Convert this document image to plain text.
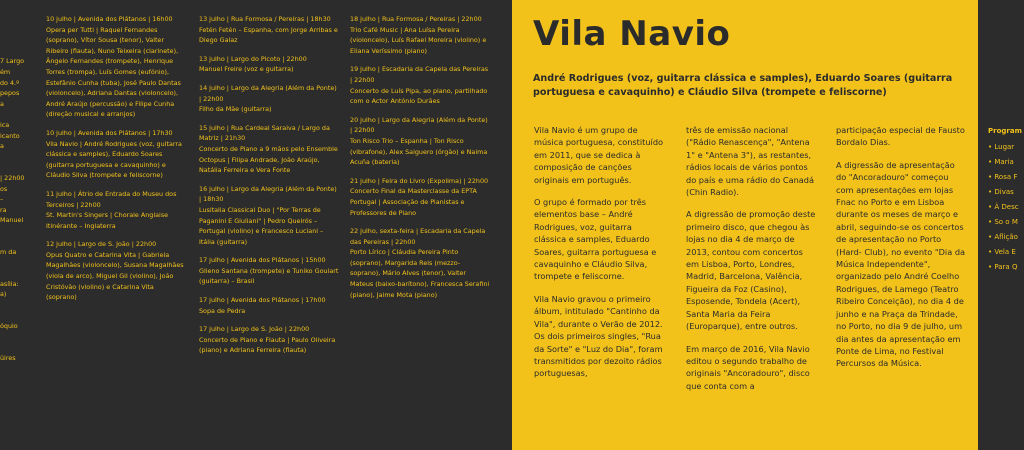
7 Largo
ém
do 4.º
pepos
a

ica
icanto
a

| 22h00
os
–
ra
Manuel

m da

asília:
a)

óquio

üires
10 julho | Avenida dos Plátanos | 16h00
Opera per Tutti | Raquel Fernandes (soprano), Vítor Sousa (tenor), Valter Ribeiro (flauta), Nuno Teixeira (clarinete), Ângelo Fernandes (trompete), Henrique Torres (trompa), Luís Gomes (eufónio), Estefânio Cunha (tuba), José Paulo Dantas (violoncelo), Adriana Dantas (violoncelo), André Araújo (percussão) e Filipe Cunha (direção musical e arranjos)
10 julho | Avenida dos Plátanos | 17h30
Vila Navio | André Rodrigues (voz, guitarra clássica e samples), Eduardo Soares (guitarra portuguesa e cavaquinho) e Cláudio Silva (trompete e feliscorne)
11 julho | Átrio de Entrada do Museu dos Terceiros | 22h00
St. Martin's Singers | Chorale Anglaise Itinérante – Inglaterra
12 julho | Largo de S. João | 22h00
Opus Quatro e Catarina Vita | Gabriela Magalhães (violoncelo), Susana Magalhães (viola de arco), Miguel Gil (violino), João Cristóvão (violino) e Catarina Vita (soprano)
13 julho | Rua Formosa / Pereiras | 18h30
Fetén Fetén – Espanha, com Jorge Arribas e Diego Galaz
13 julho | Largo do Picoto | 22h00
Manuel Freire (voz e guitarra)
14 julho | Largo da Alegria (Além da Ponte) | 22h00
Filho da Mãe (guitarra)
15 julho | Rua Cardeal Saraiva / Largo da Matriz | 21h30
Concerto de Piano a 9 mãos pelo Ensemble Octopus | Filipa Andrade, João Araújo, Natália Ferreira e Vera Fonte
16 julho | Largo da Alegria (Além da Ponte) | 18h30
Lusitalia Classical Duo | "Por Terras de Paganini E Giuliani" | Pedro Queirós – Portugal (violino) e Francesco Luciani – Itália (guitarra)
17 julho | Avenida dos Plátanos | 15h00
Glieno Santana (trompete) e Tuniko Goulart (guitarra) – Brasil
17 julho | Avenida dos Plátanos | 17h00
Sopa de Pedra
17 julho | Largo de S. João | 22h00
Concerto de Piano e Flauta | Paulo Oliveira (piano) e Adriana Ferreira (flauta)
18 julho | Rua Formosa / Pereiras | 22h00
Trio Café Music | Ana Luísa Pereira (violoncelo), Luís Rafael Moreira (violino) e Eliana Veríssimo (piano)
19 julho | Escadaria da Capela das Pereiras | 22h00
Concerto de Luís Pipa, ao piano, partilhado com o Actor António Durães
20 julho | Largo da Alegria (Além da Ponte) | 22h00
Ton Risco Trio – Espanha | Ton Risco (vibrafone), Alex Salguero (órgão) e Naima Acuña (bateria)
21 julho | Feira do Livro (Expolima) | 22h00
Concerto Final da Masterclasse da EPTA Portugal | Associação de Pianistas e Professores de Piano
22 julho, sexta-feira | Escadaria da Capela das Pereiras | 22h00
Porto Lírico | Cláudia Pereira Pinto (soprano), Margarida Reis (mezzo-soprano), Mário Alves (tenor), Valter Mateus (baixo-barítono), Francesca Serafini (piano), Jaime Mota (piano)
Vila Navio
André Rodrigues (voz, guitarra clássica e samples), Eduardo Soares (guitarra portuguesa e cavaquinho) e Cláudio Silva (trompete e feliscorne)

Vila Navio é um grupo de música portuguesa, constituído em 2011, que se dedica à composição de canções originais em português.

O grupo é formado por três elementos base – André Rodrigues, voz, guitarra clássica e samples, Eduardo Soares, guitarra portuguesa e cavaquinho e Cláudio Silva, trompete e feliscorne.

Vila Navio gravou o primeiro álbum, intitulado "Cantinho da Vila", durante o Verão de 2012. Os dois primeiros singles, "Rua da Sorte" e "Luz do Dia", foram transmitidos por dezoito rádios portuguesas,

três de emissão nacional ("Rádio Renascença", "Antena 1" e "Antena 3"), as restantes, rádios locais de vários pontos do país e uma rádio do Canadá (Chin Radio).

A digressão de promoção deste primeiro disco, que chegou às lojas no dia 4 de março de 2013, contou com concertos em Lisboa, Porto, Londres, Madrid, Barcelona, Valência, Figueira da Foz (Casino), Esposende, Tondela (Acert), Santa Maria da Feira (Europarque), entre outros.

Em março de 2016, Vila Navio editou o segundo trabalho de originais "Ancoradouro", disco que conta com a

participação especial de Fausto Bordalo Dias.

A digressão de apresentação do "Ancoradouro" começou com apresentações em lojas Fnac no Porto e em Lisboa durante os meses de março e abril, seguindo-se os concertos de apresentação no Porto (Hard- Club), no evento "Dia da Música Independente", organizado pelo André Coelho Rodrigues, de Lamego (Teatro Ribeiro Conceição), no dia 4 de junho e na Praça da Trindade, no Porto, no dia 9 de julho, um dia antes da apresentação em Ponte de Lima, no Festival Percursos da Música.

Program
• Lugar
• Maria
• Rosa F
• Divas
• À Desc
• So o M
• Aflição
• Vela E
• Para Q
